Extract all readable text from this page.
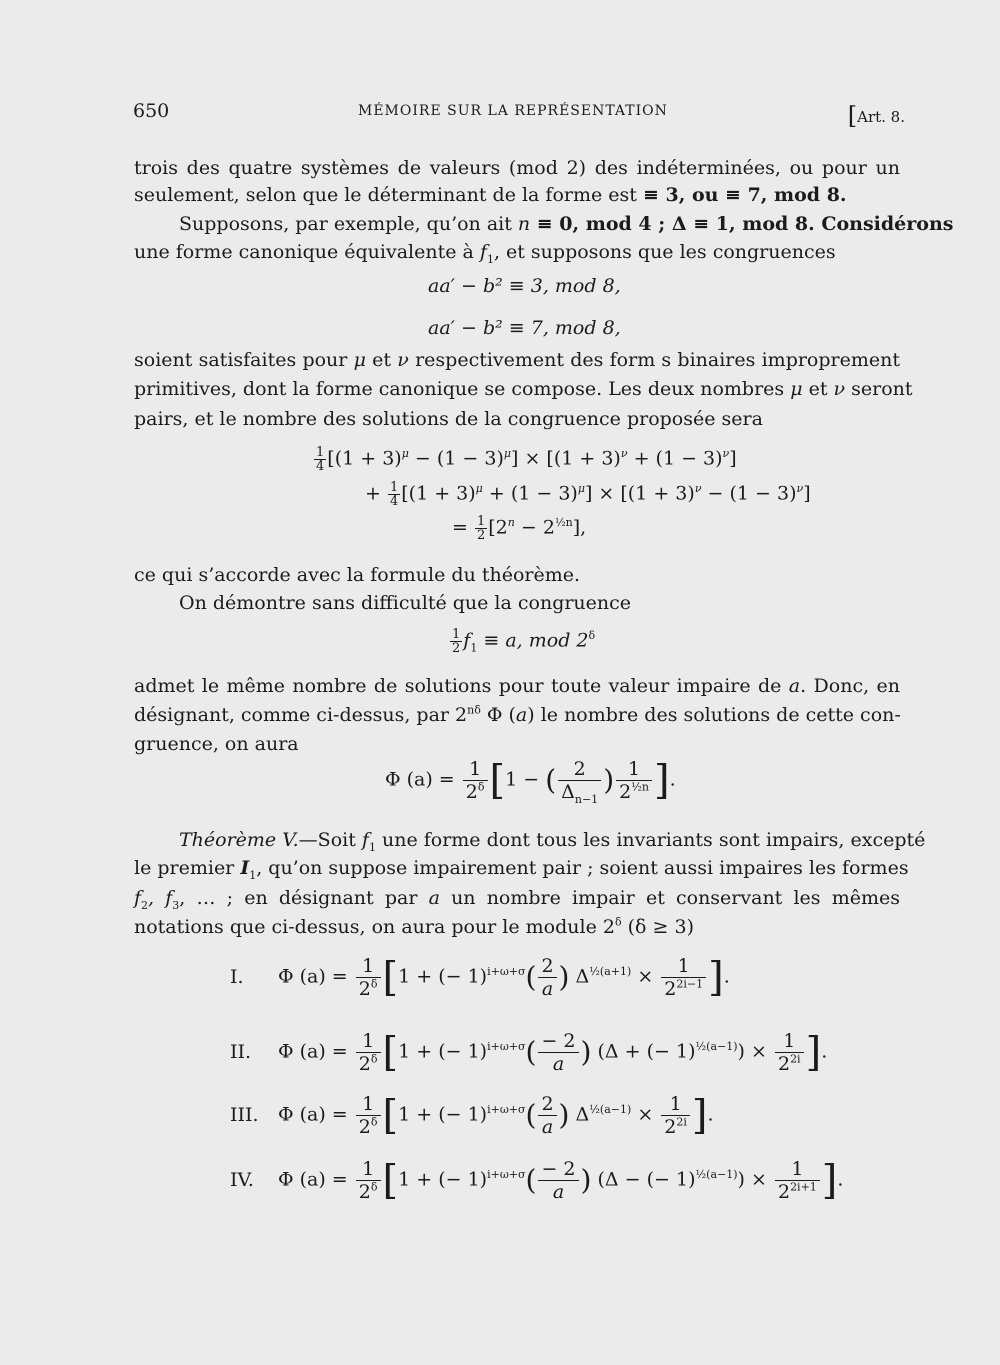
650	MÉMOIRE SUR LA REPRÉSENTATION	[Art. 8.
trois des quatre systèmes de valeurs (mod 2) des indéterminées, ou pour un
seulement, selon que le déterminant de la forme est ≡ 3, ou ≡ 7, mod 8.
Supposons, par exemple, qu’on ait n ≡ 0, mod 4 ; Δ ≡ 1, mod 8. Considérons
une forme canonique équivalente à $f_1$, et supposons que les congruences
aa′ − b² ≡ 3, mod 8,
aa′ − b² ≡ 7, mod 8,
soient satisfaites pour μ et ν respectivement des form s binaires improprement
primitives, dont la forme canonique se compose. Les deux nombres μ et ν seront
pairs, et le nombre des solutions de la congruence proposée sera
$\frac{1}{4} [(1 + 3)^\mu - (1 - 3)^\mu] \times [(1 + 3)^\nu + (1 - 3)^\nu]$
+ $\frac{1}{4} [(1 + 3)^\mu + (1 - 3)^\mu] \times [(1 + 3)^\nu - (1 - 3)^\nu]$
= $\frac{1}{2} [2^n - 2^{\frac{1}{2}n}]$,
ce qui s’accorde avec la formule du théorème.
On démontre sans difficulté que la congruence
$\frac{1}{2} f_1 \equiv a$, mod $2^\delta$
admet le même nombre de solutions pour toute valeur impaire de a. Donc, en
désignant, comme ci-dessus, par $2^{n\delta}$ Φ (a) le nombre des solutions de cette con-
gruence, on aura
Φ $(a) = \frac{1}{2^\delta} [1$ − ( $\frac{2}{\Delta_{n-1}}$ ) $\frac{1}{2^{\frac{1}{2}n}}$ ].
Théorème V.—Soit $f_1$ une forme dont tous les invariants sont impairs, excepté
le premier $I_1$, qu’on suppose impairement pair ; soient aussi impaires les formes
$f_2$, $f_3$, … ; en désignant par a un nombre impair et conservant les mêmes
notations que ci-dessus, on aura pour le module $2^\delta$ (δ ≥ 3)
I. Φ $(a) = \frac{1}{2^\delta} [1$ + (− $1)^{i+\omega+\sigma}( \frac{2}{a}$ ) $\Delta^{\frac{1}{2}(a+1)} \times \frac{1}{2^{2i-1}}$ ].
II. Φ $(a) = \frac{1}{2^\delta} [1$ + (− $1)^{i+\omega+\sigma}( \frac{- 2}{a}$ ) (Δ + (− $1)^{\frac{1}{2}(a-1)}) \times \frac{1}{2^{2i}}$ ].
III. Φ $(a) = \frac{1}{2^\delta} [1$ + (− $1)^{i+\omega+\sigma}( \frac{2}{a}$ ) $\Delta^{\frac{1}{2}(a-1)} \times \frac{1}{2^{2i}}$ ].
IV. Φ $(a) = \frac{1}{2^\delta} [1$ + (− $1)^{i+\omega+\sigma}( \frac{- 2}{a}$ ) (Δ − (− $1)^{\frac{1}{2}(a-1)}) \times \frac{1}{2^{2i+1}}$ ].
